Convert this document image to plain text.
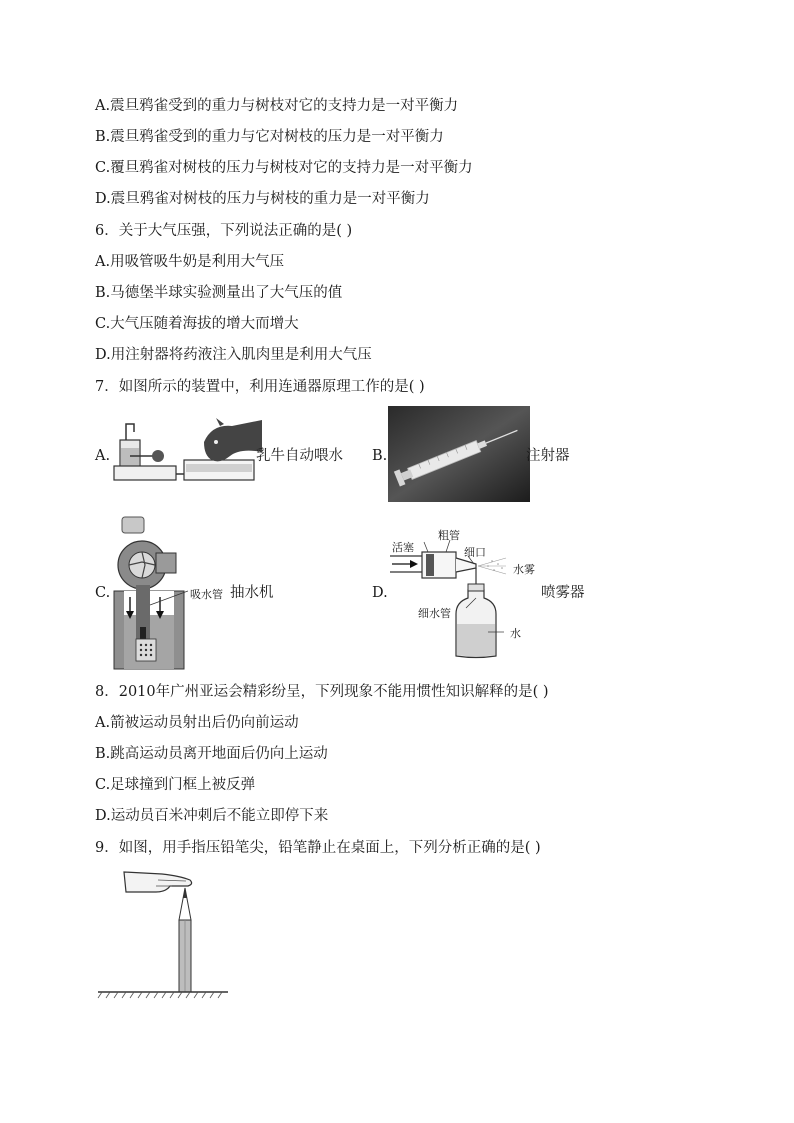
A.震旦鸦雀受到的重力与树枝对它的支持力是一对平衡力
B.震旦鸦雀受到的重力与它对树枝的压力是一对平衡力
C.覆旦鸦雀对树枝的压力与树枝对它的支持力是一对平衡力
D.震旦鸦雀对树枝的压力与树枝的重力是一对平衡力
6．关于大气压强，下列说法正确的是( )
A.用吸管吸牛奶是利用大气压
B.马德堡半球实验测量出了大气压的值
C.大气压随着海拔的增大而增大
D.用注射器将药液注入肌肉里是利用大气压
7．如图所示的装置中，利用连通器原理工作的是( )
A.	乳牛自动喂水 B.	注射器
C.	吸水管 抽水机	D.
活塞
粗管
细口
水雾
细水管
水
喷雾器
8．2010年广州亚运会精彩纷呈，下列现象不能用惯性知识解释的是( )
A.箭被运动员射出后仍向前运动
B.跳高运动员离开地面后仍向上运动
C.足球撞到门框上被反弹
D.运动员百米冲刺后不能立即停下来
9．如图，用手指压铅笔尖，铅笔静止在桌面上，下列分析正确的是( )
